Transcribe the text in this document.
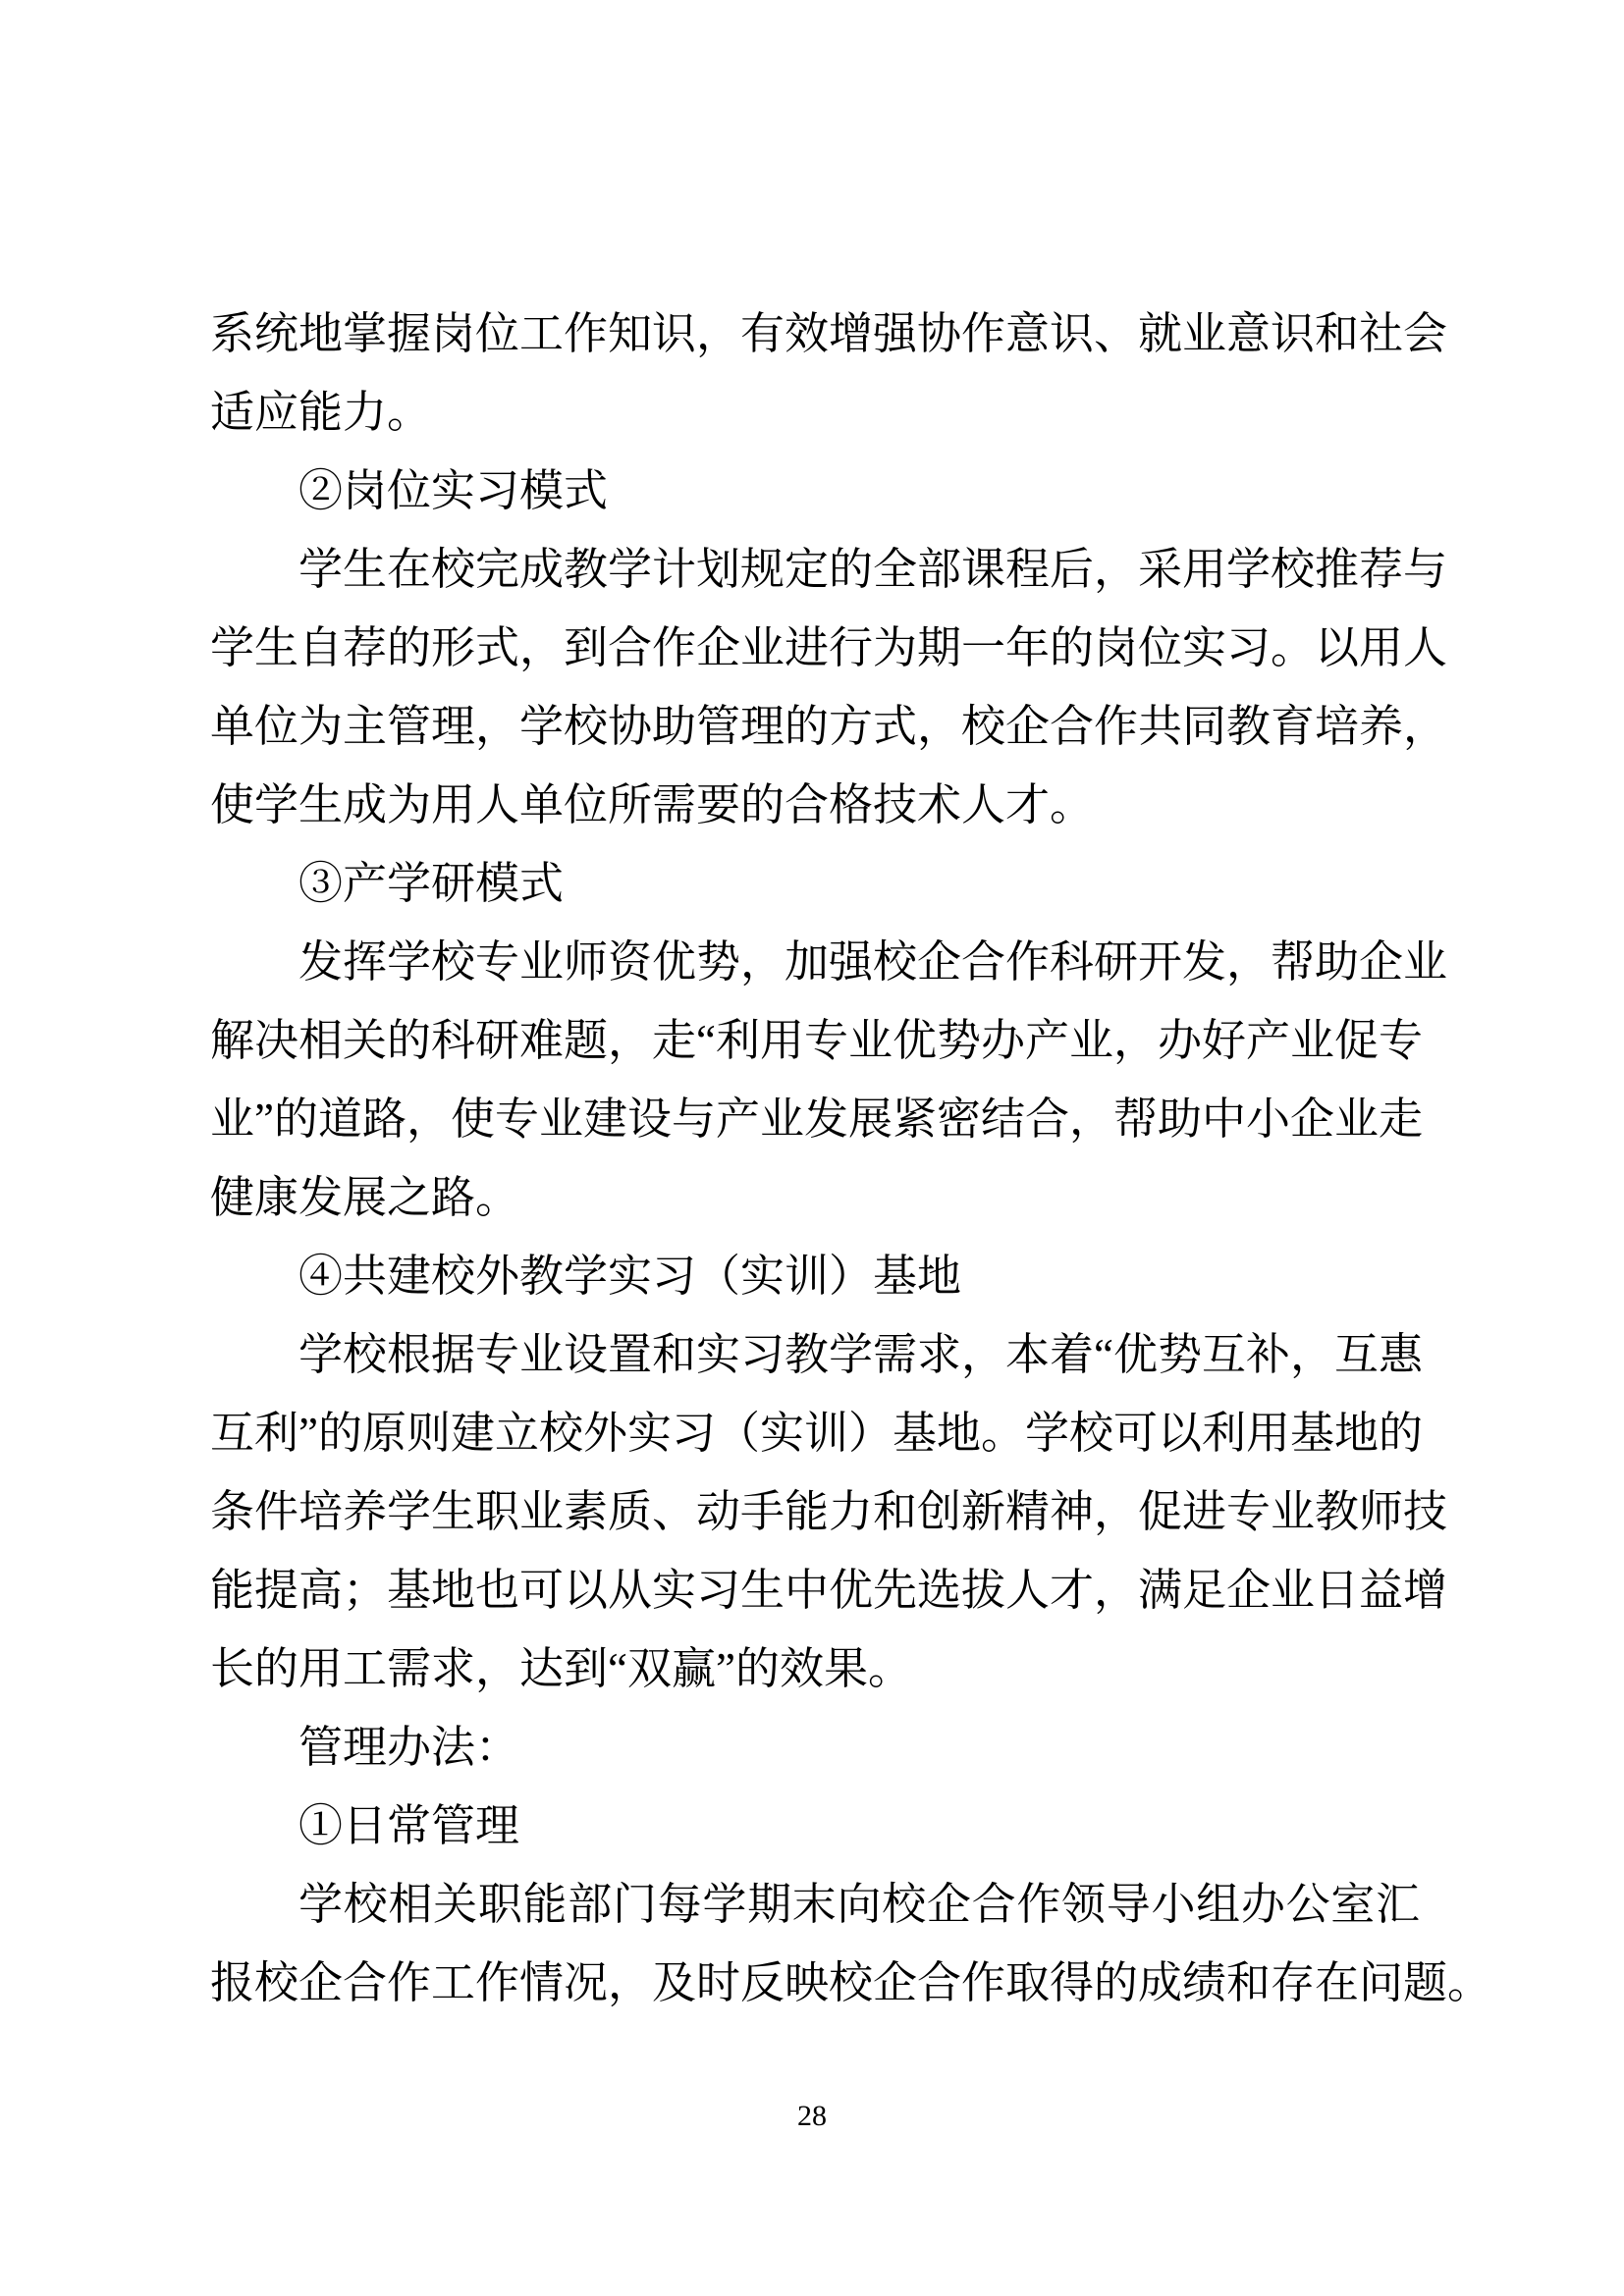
系统地掌握岗位工作知识，有效增强协作意识、就业意识和社会
适应能力。
②岗位实习模式
学生在校完成教学计划规定的全部课程后，采用学校推荐与
学生自荐的形式，到合作企业进行为期一年的岗位实习。以用人
单位为主管理，学校协助管理的方式，校企合作共同教育培养，
使学生成为用人单位所需要的合格技术人才。
③产学研模式
发挥学校专业师资优势，加强校企合作科研开发，帮助企业
解决相关的科研难题，走“利用专业优势办产业，办好产业促专
业”的道路，使专业建设与产业发展紧密结合，帮助中小企业走
健康发展之路。
④共建校外教学实习（实训）基地
学校根据专业设置和实习教学需求，本着“优势互补，互惠
互利”的原则建立校外实习（实训）基地。学校可以利用基地的
条件培养学生职业素质、动手能力和创新精神，促进专业教师技
能提高；基地也可以从实习生中优先选拔人才，满足企业日益增
长的用工需求，达到“双赢”的效果。
管理办法：
①日常管理
学校相关职能部门每学期末向校企合作领导小组办公室汇
报校企合作工作情况，及时反映校企合作取得的成绩和存在问题。
28
